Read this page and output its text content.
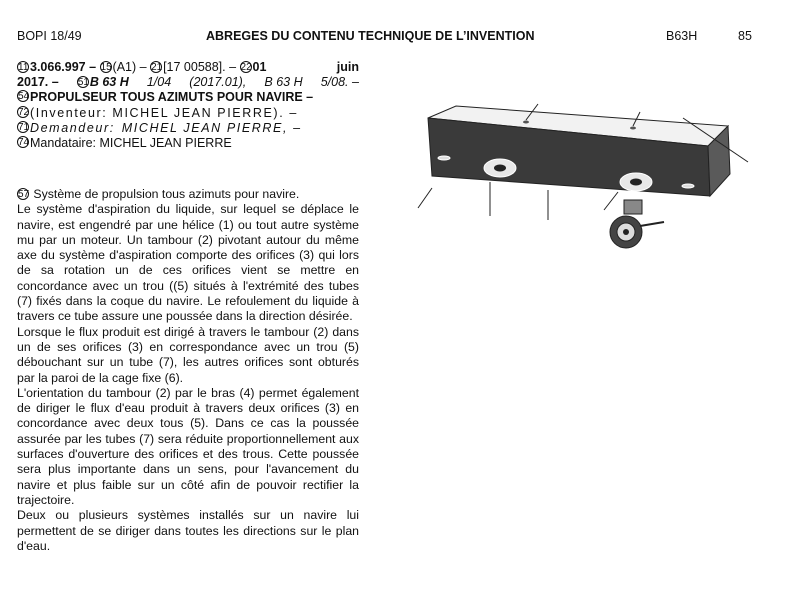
BOPI 18/49	ABREGES DU CONTENU TECHNIQUE DE L’INVENTION	B63H	85
11 3.066.997 – 15(A1) – 21[17 00588]. – 2201	juin
2017. – 51B 63 H 1/04 (2017.01), B 63 H 5/08. –
54 PROPULSEUR TOUS AZIMUTS POUR NAVIRE –
72 (Inventeur: MICHEL JEAN PIERRE). –
71 Demandeur:
MICHEL JEAN PIERRE, –
74 Mandataire: MICHEL JEAN PIERRE

57 Système de propulsion tous azimuts pour navire.

Le système d'aspiration du liquide, sur lequel se déplace le navire, est engendré par une hélice (1) ou tout autre système mu par un moteur. Un tambour (2) pivotant autour du même axe du système d'aspiration comporte des orifices (3) qui lors de sa rotation un de ces orifices vient se mettre en concordance avec un trou ((5) situés à l'extrémité des tubes (7) fixés dans la coque du navire. Le refoulement du liquide à travers ce tube assure une poussée dans la direction désirée.

Lorsque le flux produit est dirigé à travers le tambour (2) dans un de ses orifices (3) en correspondance avec un trou (5) débouchant sur un tube (7), les autres orifices sont obturés par la paroi de la cage fixe (6).

L'orientation du tambour (2) par le bras (4) permet également de diriger le flux d'eau produit à travers deux orifices (3) en concordance avec deux tous (5). Dans ce cas la poussée assurée par les tubes (7) sera réduite proportionnellement aux surfaces d'ouverture des orifices et des trous. Cette poussée sera plus importante dans un sens, pour l'avancement du navire et plus faible sur un côté afin de pouvoir rectifier la trajectoire.

Deux ou plusieurs systèmes installés sur un navire lui permettent de se diriger dans toutes les directions sur le plan d'eau.
